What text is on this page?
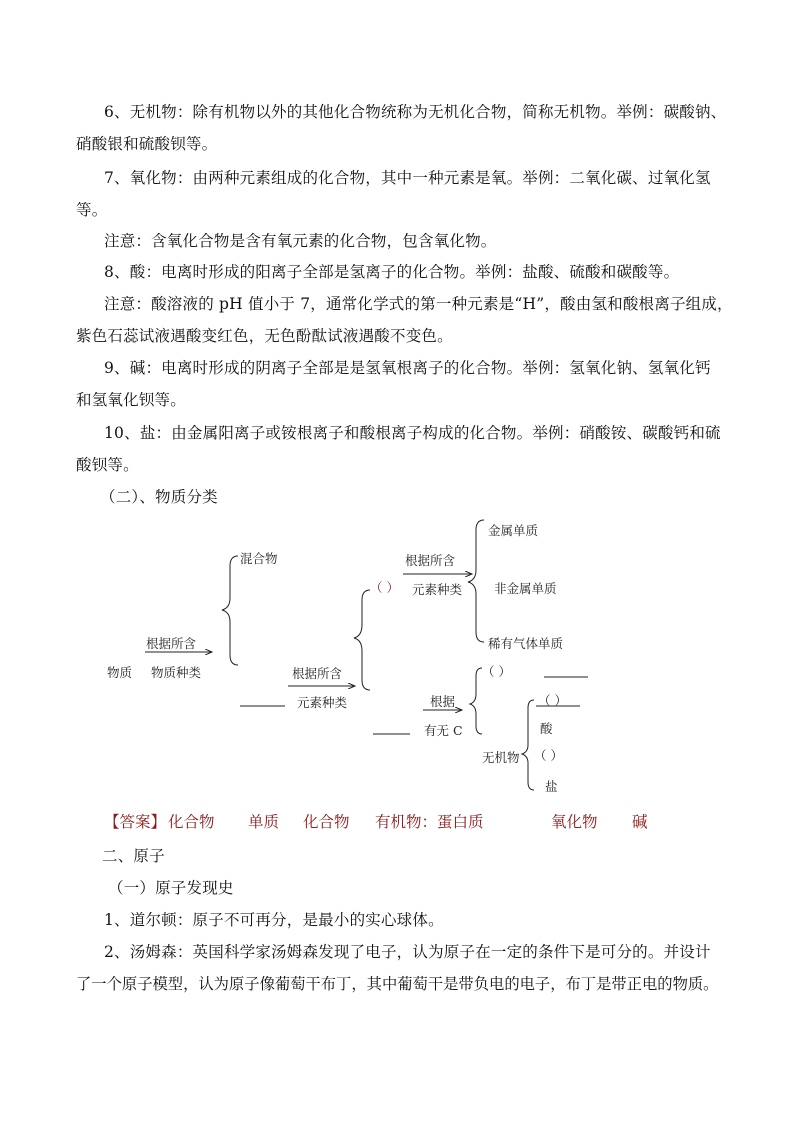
6、无机物：除有机物以外的其他化合物统称为无机化合物，简称无机物。举例：碳酸钠、
硝酸银和硫酸钡等。
7、氧化物：由两种元素组成的化合物，其中一种元素是氧。举例：二氧化碳、过氧化氢
等。
注意：含氧化合物是含有氧元素的化合物，包含氧化物。
8、酸：电离时形成的阳离子全部是氢离子的化合物。举例：盐酸、硫酸和碳酸等。
注意：酸溶液的 pH 值小于 7，通常化学式的第一种元素是“H”，酸由氢和酸根离子组成，
紫色石蕊试液遇酸变红色，无色酚酞试液遇酸不变色。
9、碱：电离时形成的阴离子全部是是氢氧根离子的化合物。举例：氢氧化钠、氢氧化钙
和氢氧化钡等。
10、盐：由金属阳离子或铵根离子和酸根离子构成的化合物。举例：硝酸铵、碳酸钙和硫
酸钡等。
（二）、物质分类
混合物
根据所含
物质 物质种类	根据所含
元素种类
（ ）
根据所含
元素种类
金属单质
非金属单质
稀有气体单质
（ ）
根据
有无 C
（ ）
酸
无机物 （ ）
盐
【答案】 化合物 单质 化合物 有机物：蛋白质	氧化物 碱
二、原子
（一）原子发现史
1、道尔顿：原子不可再分，是最小的实心球体。
2、汤姆森：英国科学家汤姆森发现了电子，认为原子在一定的条件下是可分的。并设计
了一个原子模型，认为原子像葡萄干布丁，其中葡萄干是带负电的电子，布丁是带正电的物质。
